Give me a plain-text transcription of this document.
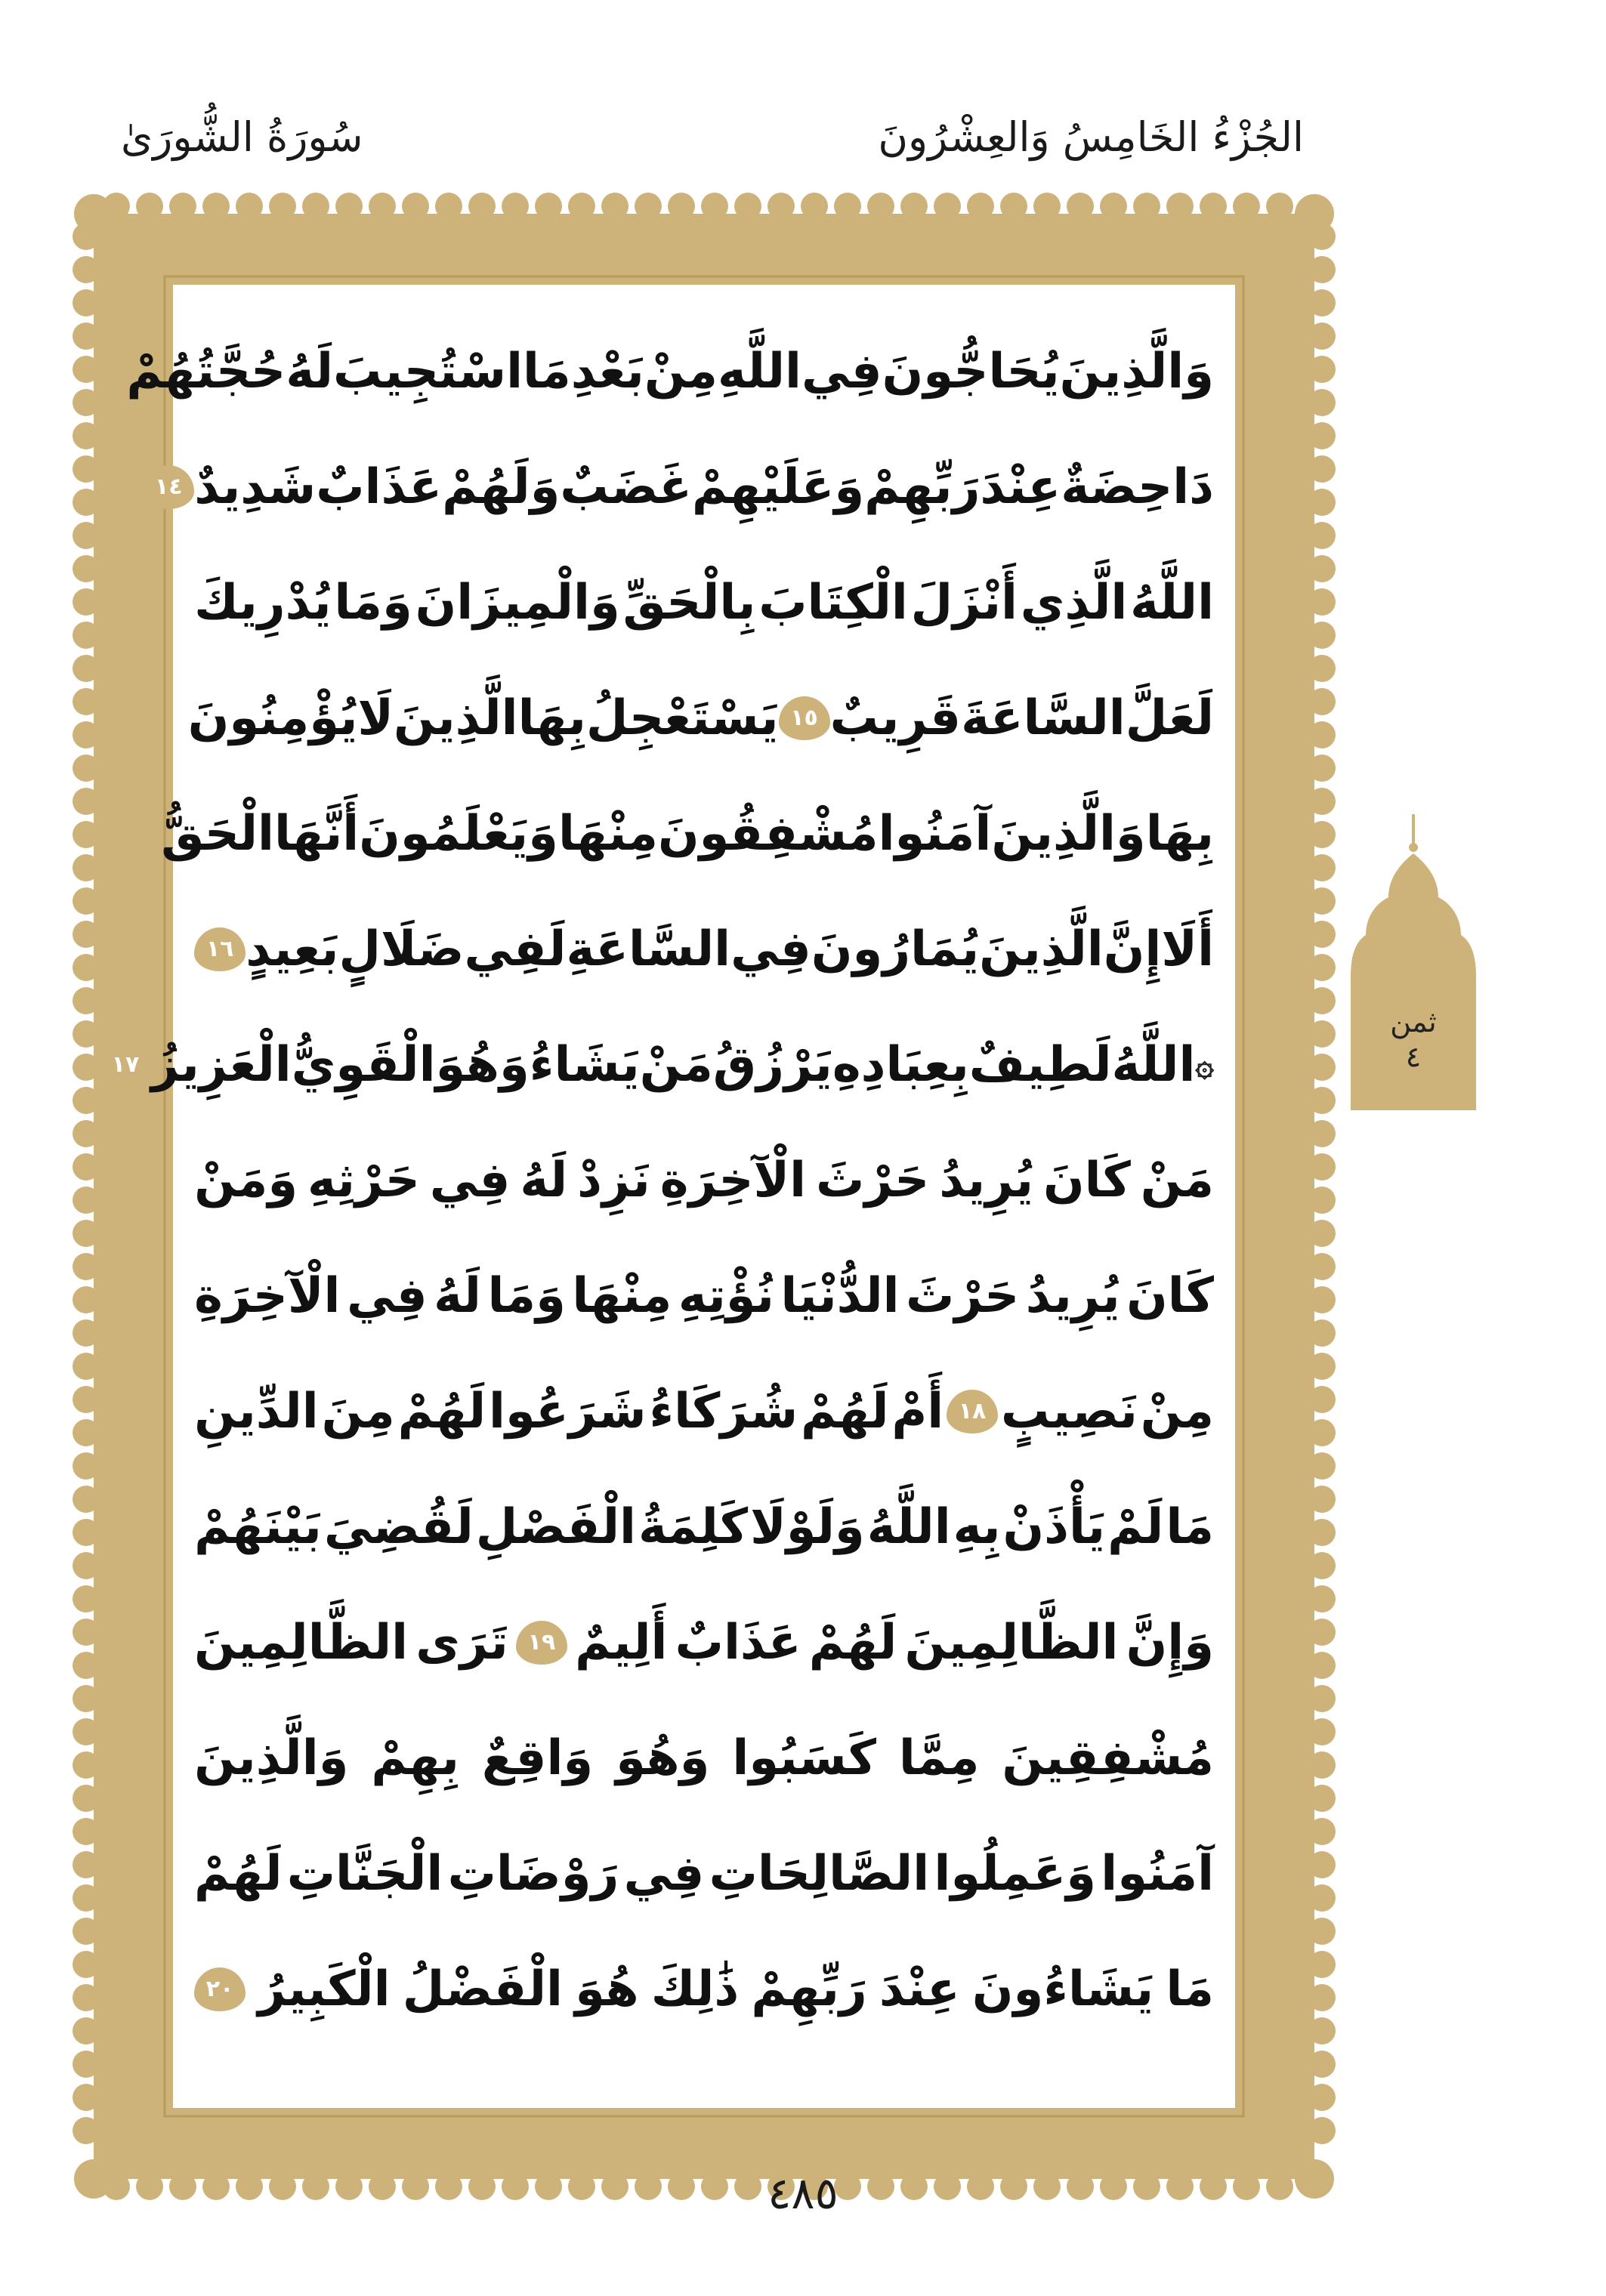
الجُزْءُ الخَامِسُ وَالعِشْرُونَ
سُورَةُ الشُّورَىٰ
وَالَّذِينَ
يُحَاجُّونَ
فِي
اللَّهِ
مِنْ
بَعْدِ
مَا
اسْتُجِيبَ
لَهُ
حُجَّتُهُمْ
دَاحِضَةٌ
عِنْدَ
رَبِّهِمْ
وَعَلَيْهِمْ
غَضَبٌ
وَلَهُمْ
عَذَابٌ
شَدِيدٌ
١٤
اللَّهُ
الَّذِي
أَنْزَلَ
الْكِتَابَ
بِالْحَقِّ
وَالْمِيزَانَ
وَمَا
يُدْرِيكَ
لَعَلَّ
السَّاعَةَ
قَرِيبٌ
١٥
يَسْتَعْجِلُ
بِهَا
الَّذِينَ
لَا
يُؤْمِنُونَ
بِهَا
وَالَّذِينَ
آمَنُوا
مُشْفِقُونَ
مِنْهَا
وَيَعْلَمُونَ
أَنَّهَا
الْحَقُّ
أَلَا
إِنَّ
الَّذِينَ
يُمَارُونَ
فِي
السَّاعَةِ
لَفِي
ضَلَالٍ
بَعِيدٍ
١٦
۞
اللَّهُ
لَطِيفٌ
بِعِبَادِهِ
يَرْزُقُ
مَنْ
يَشَاءُ
وَهُوَ
الْقَوِيُّ
الْعَزِيزُ
١٧
مَنْ
كَانَ
يُرِيدُ
حَرْثَ
الْآخِرَةِ
نَزِدْ
لَهُ
فِي
حَرْثِهِ
وَمَنْ
كَانَ
يُرِيدُ
حَرْثَ
الدُّنْيَا
نُؤْتِهِ
مِنْهَا
وَمَا
لَهُ
فِي
الْآخِرَةِ
مِنْ
نَصِيبٍ
١٨
أَمْ
لَهُمْ
شُرَكَاءُ
شَرَعُوا
لَهُمْ
مِنَ
الدِّينِ
مَا
لَمْ
يَأْذَنْ
بِهِ
اللَّهُ
وَلَوْلَا
كَلِمَةُ
الْفَصْلِ
لَقُضِيَ
بَيْنَهُمْ
وَإِنَّ
الظَّالِمِينَ
لَهُمْ
عَذَابٌ
أَلِيمٌ
١٩
تَرَى
الظَّالِمِينَ
مُشْفِقِينَ
مِمَّا
كَسَبُوا
وَهُوَ
وَاقِعٌ
بِهِمْ
وَالَّذِينَ
آمَنُوا
وَعَمِلُوا
الصَّالِحَاتِ
فِي
رَوْضَاتِ
الْجَنَّاتِ
لَهُمْ
مَا
يَشَاءُونَ
عِنْدَ
رَبِّهِمْ
ذَٰلِكَ
هُوَ
الْفَضْلُ
الْكَبِيرُ
٢٠
ثمن
٤
٤٨٥
